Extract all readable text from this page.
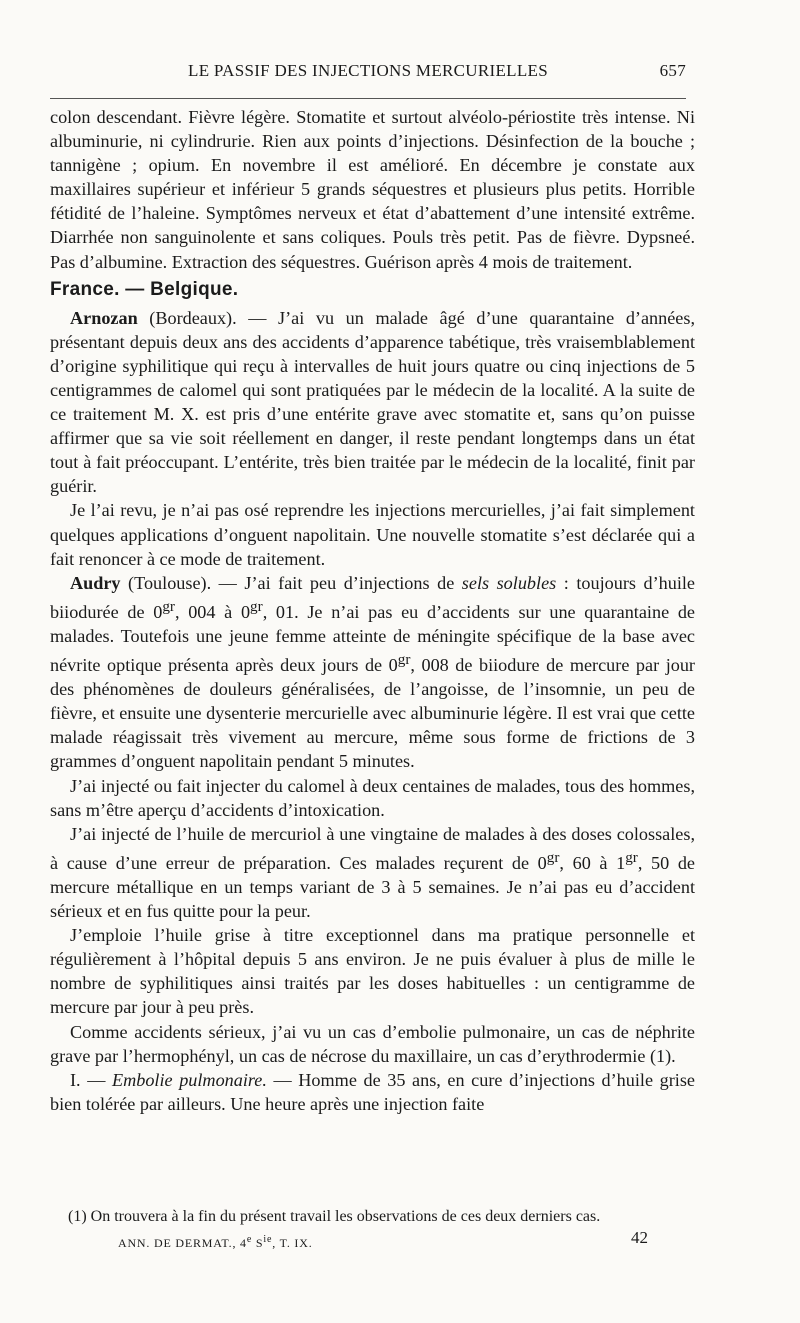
LE PASSIF DES INJECTIONS MERCURIELLES	657

colon descendant. Fièvre légère. Stomatite et surtout alvéolo-périostite très intense. Ni albuminurie, ni cylindrurie. Rien aux points d’injections. Désinfection de la bouche ; tannigène ; opium. En novembre il est amélioré. En décembre je constate aux maxillaires supérieur et inférieur 5 grands séquestres et plusieurs plus petits. Horrible fétidité de l’haleine. Symptômes nerveux et état d’abattement d’une intensité extrême. Diarrhée non sanguinolente et sans coliques. Pouls très petit. Pas de fièvre. Dypsneé. Pas d’albumine. Extraction des séquestres. Guérison après 4 mois de traitement.

France. — Belgique.

Arnozan (Bordeaux). — J’ai vu un malade âgé d’une quarantaine d’années, présentant depuis deux ans des accidents d’apparence tabétique, très vraisemblablement d’origine syphilitique qui reçu à intervalles de huit jours quatre ou cinq injections de 5 centigrammes de calomel qui sont pratiquées par le médecin de la localité. A la suite de ce traitement M. X. est pris d’une entérite grave avec stomatite et, sans qu’on puisse affirmer que sa vie soit réellement en danger, il reste pendant longtemps dans un état tout à fait préoccupant. L’entérite, très bien traitée par le médecin de la localité, finit par guérir.

Je l’ai revu, je n’ai pas osé reprendre les injections mercurielles, j’ai fait simplement quelques applications d’onguent napolitain. Une nouvelle stomatite s’est déclarée qui a fait renoncer à ce mode de traitement.

Audry (Toulouse). — J’ai fait peu d’injections de sels solubles : toujours d’huile biiodurée de $0^{gr}$, 004 à $0^{gr}$, 01. Je n’ai pas eu d’accidents sur une quarantaine de malades. Toutefois une jeune femme atteinte de méningite spécifique de la base avec névrite optique présenta après deux jours de $0^{gr}$, 008 de biiodure de mercure par jour des phénomènes de douleurs généralisées, de l’angoisse, de l’insomnie, un peu de fièvre, et ensuite une dysenterie mercurielle avec albuminurie légère. Il est vrai que cette malade réagissait très vivement au mercure, même sous forme de frictions de 3 grammes d’onguent napolitain pendant 5 minutes.

J’ai injecté ou fait injecter du calomel à deux centaines de malades, tous des hommes, sans m’être aperçu d’accidents d’intoxication.

J’ai injecté de l’huile de mercuriol à une vingtaine de malades à des doses colossales, à cause d’une erreur de préparation. Ces malades reçurent de $0^{gr}$, 60 à $1^{gr}$, 50 de mercure métallique en un temps variant de 3 à 5 semaines. Je n’ai pas eu d’accident sérieux et en fus quitte pour la peur.

J’emploie l’huile grise à titre exceptionnel dans ma pratique personnelle et régulièrement à l’hôpital depuis 5 ans environ. Je ne puis évaluer à plus de mille le nombre de syphilitiques ainsi traités par les doses habituelles : un centigramme de mercure par jour à peu près.

Comme accidents sérieux, j’ai vu un cas d’embolie pulmonaire, un cas de néphrite grave par l’hermophényl, un cas de nécrose du maxillaire, un cas d’erythrodermie (1).

I. — Embolie pulmonaire. — Homme de 35 ans, en cure d’injections d’huile grise bien tolérée par ailleurs. Une heure après une injection faite

(1) On trouvera à la fin du présent travail les observations de ces deux derniers cas.
ANN. DE DERMAT., 4e $S^{ie}$, T. IX.	42
